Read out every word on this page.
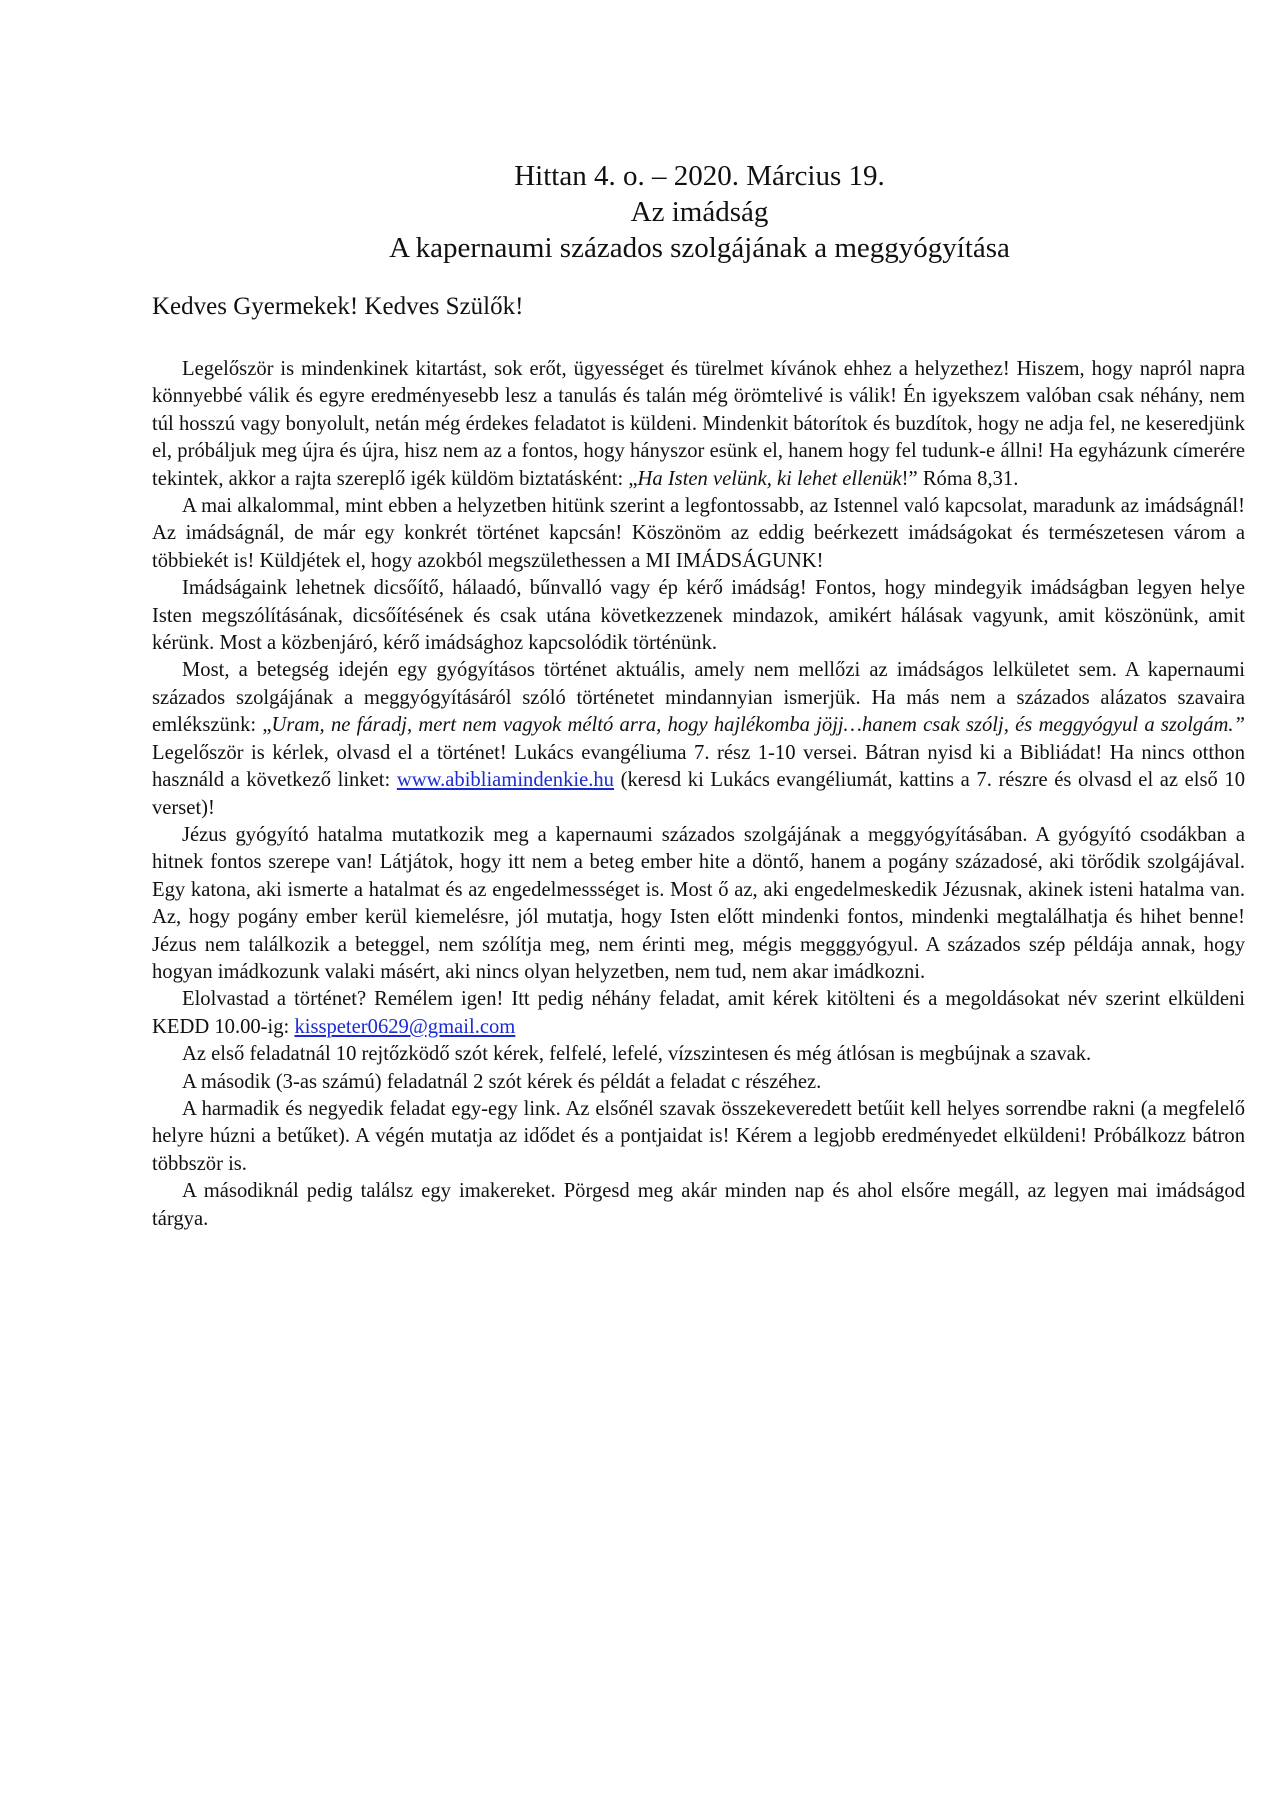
Hittan 4. o. – 2020. Március 19.
Az imádság
A kapernaumi százados szolgájának a meggyógyítása
Kedves Gyermekek! Kedves Szülők!

Legelőször is mindenkinek kitartást, sok erőt, ügyességet és türelmet kívánok ehhez a helyzethez! Hiszem, hogy napról napra könnyebbé válik és egyre eredményesebb lesz a tanulás és talán még örömtelivé is válik! Én igyekszem valóban csak néhány, nem túl hosszú vagy bonyolult, netán még érdekes feladatot is küldeni. Mindenkit bátorítok és buzdítok, hogy ne adja fel, ne keseredjünk el, próbáljuk meg újra és újra, hisz nem az a fontos, hogy hányszor esünk el, hanem hogy fel tudunk-e állni! Ha egyházunk címerére tekintek, akkor a rajta szereplő igék küldöm biztatásként: „Ha Isten velünk, ki lehet ellenük!” Róma 8,31.

A mai alkalommal, mint ebben a helyzetben hitünk szerint a legfontossabb, az Istennel való kapcsolat, maradunk az imádságnál! Az imádságnál, de már egy konkrét történet kapcsán! Köszönöm az eddig beérkezett imádságokat és természetesen várom a többiekét is! Küldjétek el, hogy azokból megszülethessen a MI IMÁDSÁGUNK!

Imádságaink lehetnek dicsőítő, hálaadó, bűnvalló vagy ép kérő imádság! Fontos, hogy mindegyik imádságban legyen helye Isten megszólításának, dicsőítésének és csak utána következzenek mindazok, amikért hálásak vagyunk, amit köszönünk, amit kérünk. Most a közbenjáró, kérő imádsághoz kapcsolódik történünk.

Most, a betegség idején egy gyógyításos történet aktuális, amely nem mellőzi az imádságos lelkületet sem. A kapernaumi százados szolgájának a meggyógyításáról szóló történetet mindannyian ismerjük. Ha más nem a százados alázatos szavaira emlékszünk: „Uram, ne fáradj, mert nem vagyok méltó arra, hogy hajlékomba jöjj…hanem csak szólj, és meggyógyul a szolgám.” Legelőször is kérlek, olvasd el a történet! Lukács evangéliuma 7. rész 1-10 versei. Bátran nyisd ki a Bibliádat! Ha nincs otthon használd a következő linket: www.abibliamindenkie.hu (keresd ki Lukács evangéliumát, kattins a 7. részre és olvasd el az első 10 verset)!

Jézus gyógyító hatalma mutatkozik meg a kapernaumi százados szolgájának a meggyógyításában. A gyógyító csodákban a hitnek fontos szerepe van! Látjátok, hogy itt nem a beteg ember hite a döntő, hanem a pogány századosé, aki törődik szolgájával. Egy katona, aki ismerte a hatalmat és az engedelmessséget is. Most ő az, aki engedelmeskedik Jézusnak, akinek isteni hatalma van. Az, hogy pogány ember kerül kiemelésre, jól mutatja, hogy Isten előtt mindenki fontos, mindenki megtalálhatja és hihet benne! Jézus nem találkozik a beteggel, nem szólítja meg, nem érinti meg, mégis megggyógyul. A százados szép példája annak, hogy hogyan imádkozunk valaki másért, aki nincs olyan helyzetben, nem tud, nem akar imádkozni.

Elolvastad a történet? Remélem igen! Itt pedig néhány feladat, amit kérek kitölteni és a megoldásokat név szerint elküldeni KEDD 10.00-ig: kisspeter0629@gmail.com

Az első feladatnál 10 rejtőzködő szót kérek, felfelé, lefelé, vízszintesen és még átlósan is megbújnak a szavak.

A második (3-as számú) feladatnál 2 szót kérek és példát a feladat c részéhez.

A harmadik és negyedik feladat egy-egy link. Az elsőnél szavak összekeveredett betűit kell helyes sorrendbe rakni (a megfelelő helyre húzni a betűket). A végén mutatja az idődet és a pontjaidat is! Kérem a legjobb eredményedet elküldeni! Próbálkozz bátron többször is.

A másodiknál pedig találsz egy imakereket. Pörgesd meg akár minden nap és ahol elsőre megáll, az legyen mai imádságod tárgya.
